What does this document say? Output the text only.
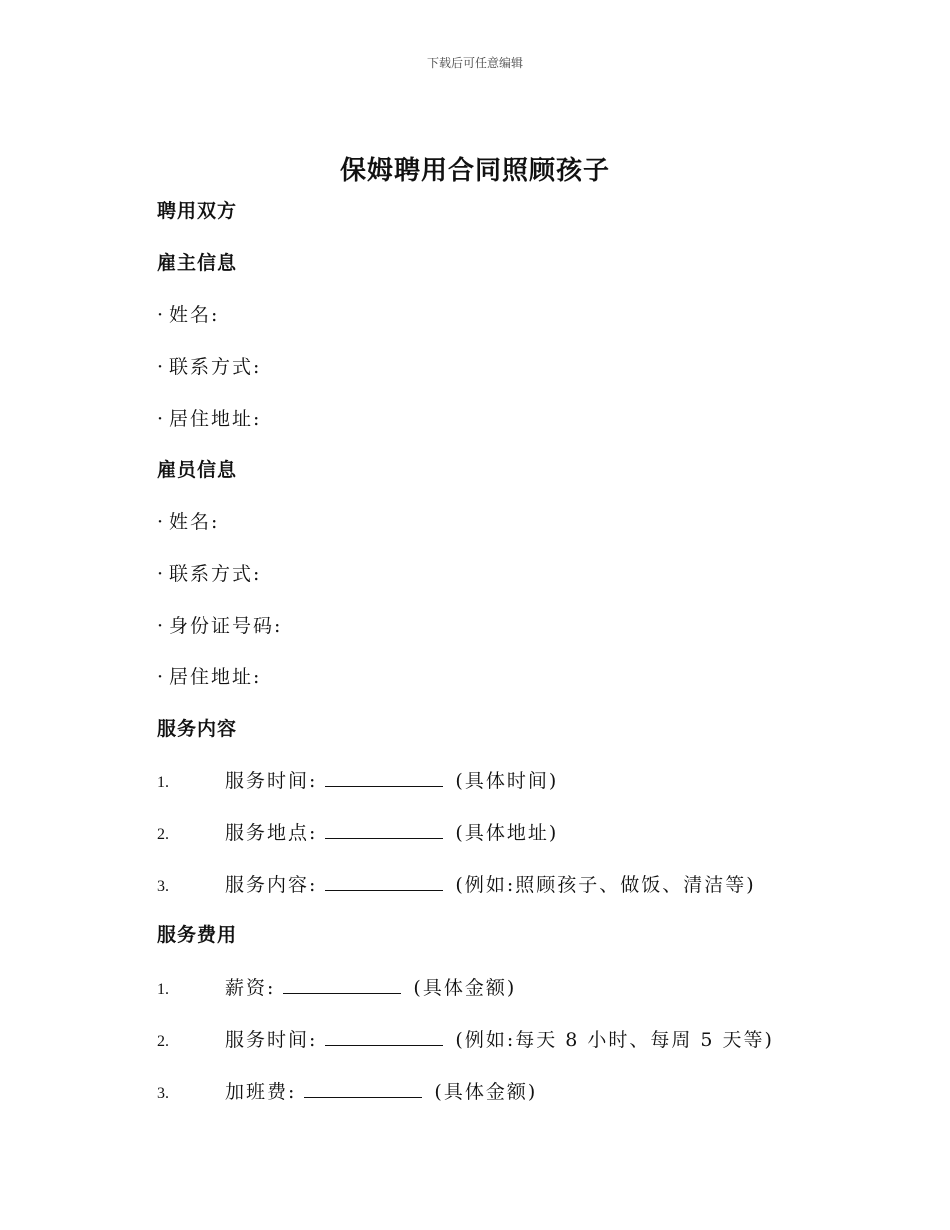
下载后可任意编辑
保姆聘用合同照顾孩子
聘用双方
雇主信息
· 姓名:
· 联系方式:
· 居住地址:
雇员信息
· 姓名:
· 联系方式:
· 身份证号码:
· 居住地址:
服务内容
1.	服务时间:	(具体时间)
2.	服务地点:	(具体地址)
3.	服务内容:	(例如:照顾孩子、做饭、清洁等)
服务费用
1.	薪资:	(具体金额)
2.	服务时间:	(例如:每天 8 小时、每周 5 天等)
3.	加班费:	(具体金额)
